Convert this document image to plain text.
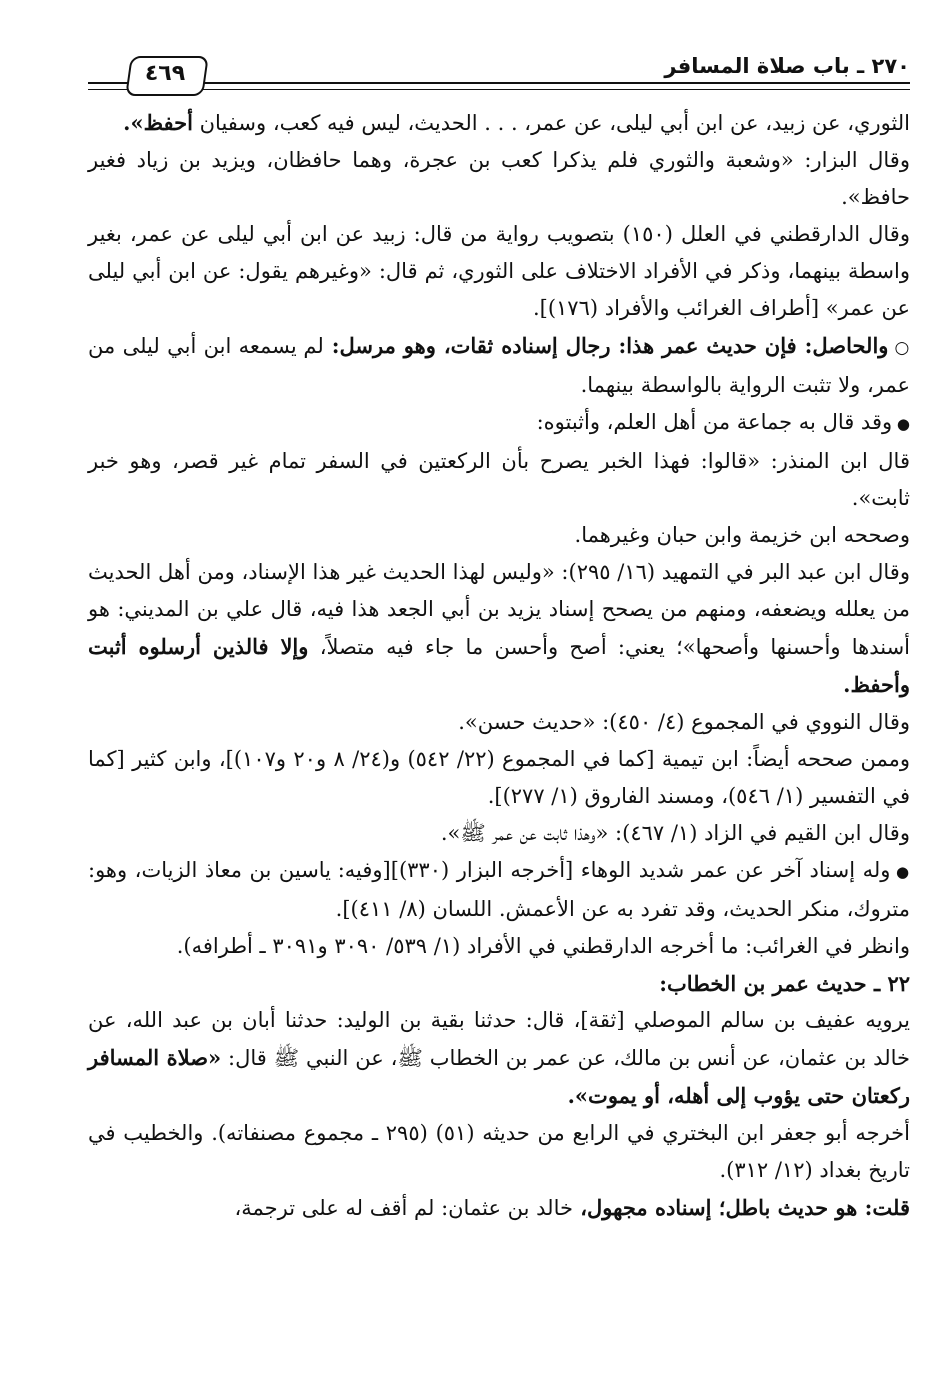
٢٧٠ ـ باب صلاة المسافر
٤٦٩

الثوري، عن زبيد، عن ابن أبي ليلى، عن عمر، . . . الحديث، ليس فيه كعب، وسفيان أحفظ».

وقال البزار: «وشعبة والثوري فلم يذكرا كعب بن عجرة، وهما حافظان، ويزيد بن زياد فغير حافظ».

وقال الدارقطني في العلل (١٥٠) بتصويب رواية من قال: زبيد عن ابن أبي ليلى عن عمر، بغير واسطة بينهما، وذكر في الأفراد الاختلاف على الثوري، ثم قال: «وغيرهم يقول: عن ابن أبي ليلى عن عمر» [أطراف الغرائب والأفراد (١٧٦)].

○ والحاصل: فإن حديث عمر هذا: رجال إسناده ثقات، وهو مرسل: لم يسمعه ابن أبي ليلى من عمر، ولا تثبت الرواية بالواسطة بينهما.

● وقد قال به جماعة من أهل العلم، وأثبتوه:

قال ابن المنذر: «قالوا: فهذا الخبر يصرح بأن الركعتين في السفر تمام غير قصر، وهو خبر ثابت».

وصححه ابن خزيمة وابن حبان وغيرهما.

وقال ابن عبد البر في التمهيد (١٦/ ٢٩٥): «وليس لهذا الحديث غير هذا الإسناد، ومن أهل الحديث من يعلله ويضعفه، ومنهم من يصحح إسناد يزيد بن أبي الجعد هذا فيه، قال علي بن المديني: هو أسندها وأحسنها وأصحها»؛ يعني: أصح وأحسن ما جاء فيه متصلاً، وإلا فالذين أرسلوه أثبت وأحفظ.

وقال النووي في المجموع (٤/ ٤٥٠): «حديث حسن».

وممن صححه أيضاً: ابن تيمية [كما في المجموع (٢٢/ ٥٤٢) و(٢٤/ ٨ و٢٠ و١٠٧)]، وابن كثير [كما في التفسير (١/ ٥٤٦)، ومسند الفاروق (١/ ٢٧٧)].

وقال ابن القيم في الزاد (١/ ٤٦٧): «وهذا ثابت عن عمر ﷺ».

● وله إسناد آخر عن عمر شديد الوهاء [أخرجه البزار (٣٣٠)][وفيه: ياسين بن معاذ الزيات، وهو: متروك، منكر الحديث، وقد تفرد به عن الأعمش. اللسان (٨/ ٤١١)].

وانظر في الغرائب: ما أخرجه الدارقطني في الأفراد (١/ ٥٣٩/ ٣٠٩٠ و٣٠٩١ ـ أطرافه).

٢٢ ـ حديث عمر بن الخطاب:

يرويه عفيف بن سالم الموصلي [ثقة]، قال: حدثنا بقية بن الوليد: حدثنا أبان بن عبد الله، عن خالد بن عثمان، عن أنس بن مالك، عن عمر بن الخطاب ﷺ، عن النبي ﷺ قال: «صلاة المسافر ركعتان حتى يؤوب إلى أهله، أو يموت».

أخرجه أبو جعفر ابن البختري في الرابع من حديثه (٥١) (٢٩٥ ـ مجموع مصنفاته). والخطيب في تاريخ بغداد (١٢/ ٣١٢).

قلت: هو حديث باطل؛ إسناده مجهول، خالد بن عثمان: لم أقف له على ترجمة،
